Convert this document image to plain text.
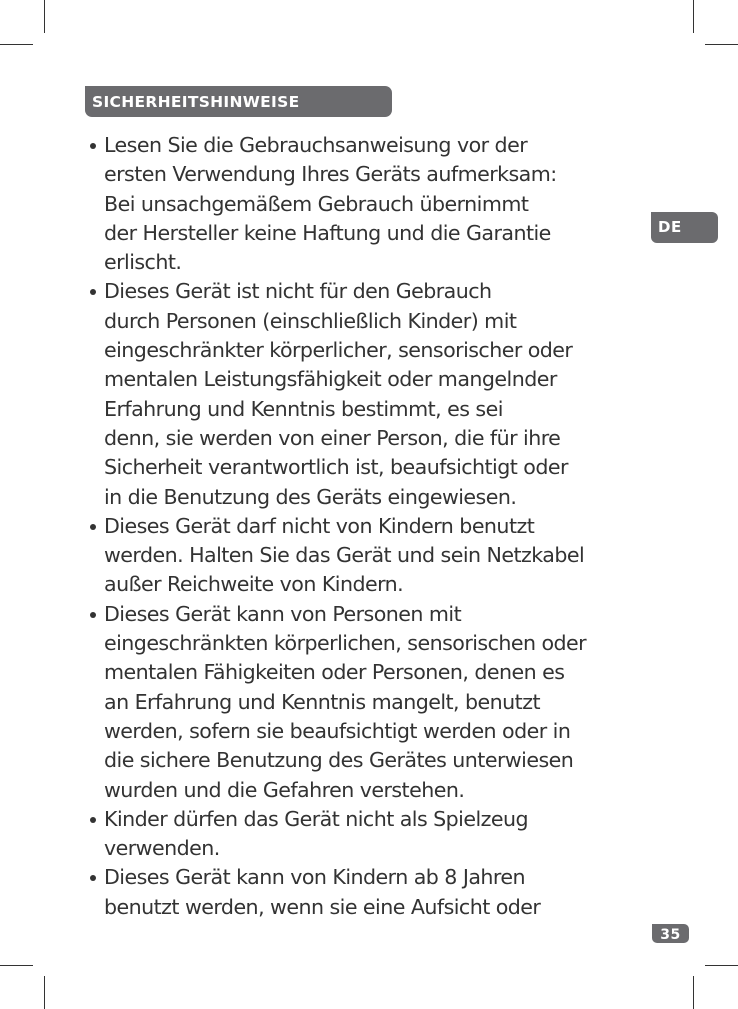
SICHERHEITSHINWEISE
DE
Lesen Sie die Gebrauchsanweisung vor der
ersten Verwendung Ihres Geräts aufmerksam:
Bei unsachgemäßem Gebrauch übernimmt
der Hersteller keine Haftung und die Garantie
erlischt.
Dieses Gerät ist nicht für den Gebrauch
durch Personen (einschließlich Kinder) mit
eingeschränkter körperlicher, sensorischer oder
mentalen Leistungsfähigkeit oder mangelnder
Erfahrung und Kenntnis bestimmt, es sei
denn, sie werden von einer Person, die für ihre
Sicherheit verantwortlich ist, beaufsichtigt oder
in die Benutzung des Geräts eingewiesen.
Dieses Gerät darf nicht von Kindern benutzt
werden. Halten Sie das Gerät und sein Netzkabel
außer Reichweite von Kindern.
Dieses Gerät kann von Personen mit
eingeschränkten körperlichen, sensorischen oder
mentalen Fähigkeiten oder Personen, denen es
an Erfahrung und Kenntnis mangelt, benutzt
werden, sofern sie beaufsichtigt werden oder in
die sichere Benutzung des Gerätes unterwiesen
wurden und die Gefahren verstehen.
Kinder dürfen das Gerät nicht als Spielzeug
verwenden.
Dieses Gerät kann von Kindern ab 8 Jahren
benutzt werden, wenn sie eine Aufsicht oder
35
